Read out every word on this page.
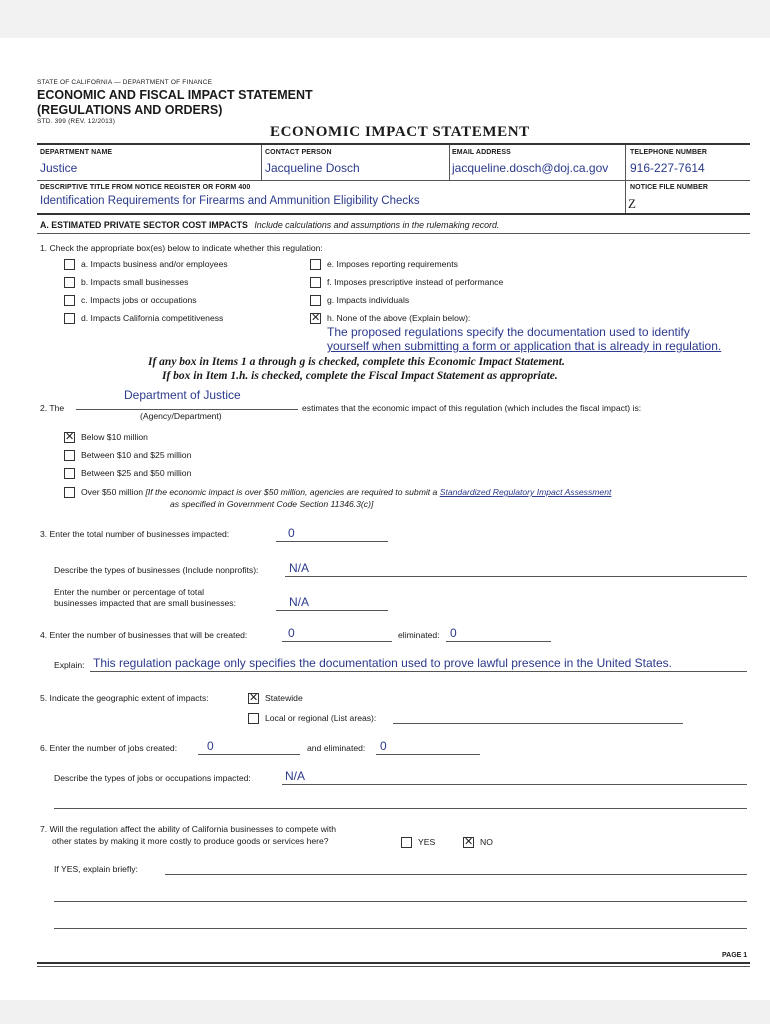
STATE OF CALIFORNIA — DEPARTMENT OF FINANCE
ECONOMIC AND FISCAL IMPACT STATEMENT
(REGULATIONS AND ORDERS)
STD. 399 (REV. 12/2013)
ECONOMIC IMPACT STATEMENT
DEPARTMENT NAME
Justice
CONTACT PERSON
Jacqueline Dosch
EMAIL ADDRESS
jacqueline.dosch@doj.ca.gov
TELEPHONE NUMBER
916-227-7614
DESCRIPTIVE TITLE FROM NOTICE REGISTER OR FORM 400
Identification Requirements for Firearms and Ammunition Eligibility Checks
NOTICE FILE NUMBER
Z
A. ESTIMATED PRIVATE SECTOR COST IMPACTS Include calculations and assumptions in the rulemaking record.
1. Check the appropriate box(es) below to indicate whether this regulation:
a. Impacts business and/or employees
b. Impacts small businesses
c. Impacts jobs or occupations
d. Impacts California competitiveness
e. Imposes reporting requirements
f. Imposes prescriptive instead of performance
g. Impacts individuals
✕ h. None of the above (Explain below):
The proposed regulations specify the documentation used to identify
yourself when submitting a form or application that is already in regulation.
If any box in Items 1 a through g is checked, complete this Economic Impact Statement.
If box in Item 1.h. is checked, complete the Fiscal Impact Statement as appropriate.
Department of Justice
2. The
(Agency/Department)
estimates that the economic impact of this regulation (which includes the fiscal impact) is:
✕ Below $10 million
Between $10 and $25 million
Between $25 and $50 million
Over $50 million [If the economic impact is over $50 million, agencies are required to submit a Standardized Regulatory Impact Assessment
as specified in Government Code Section 11346.3(c)]
3. Enter the total number of businesses impacted:	0
Describe the types of businesses (Include nonprofits):	N/A
Enter the number or percentage of total
businesses impacted that are small businesses:	N/A
4. Enter the number of businesses that will be created:	0	eliminated: 0
Explain: This regulation package only specifies the documentation used to prove lawful presence in the United States.
5. Indicate the geographic extent of impacts:	✕ Statewide
Local or regional (List areas):
6. Enter the number of jobs created: 0	and eliminated: 0
Describe the types of jobs or occupations impacted:	N/A
7. Will the regulation affect the ability of California businesses to compete with
other states by making it more costly to produce goods or services here?	YES	✕ NO
If YES, explain briefly:
PAGE 1
